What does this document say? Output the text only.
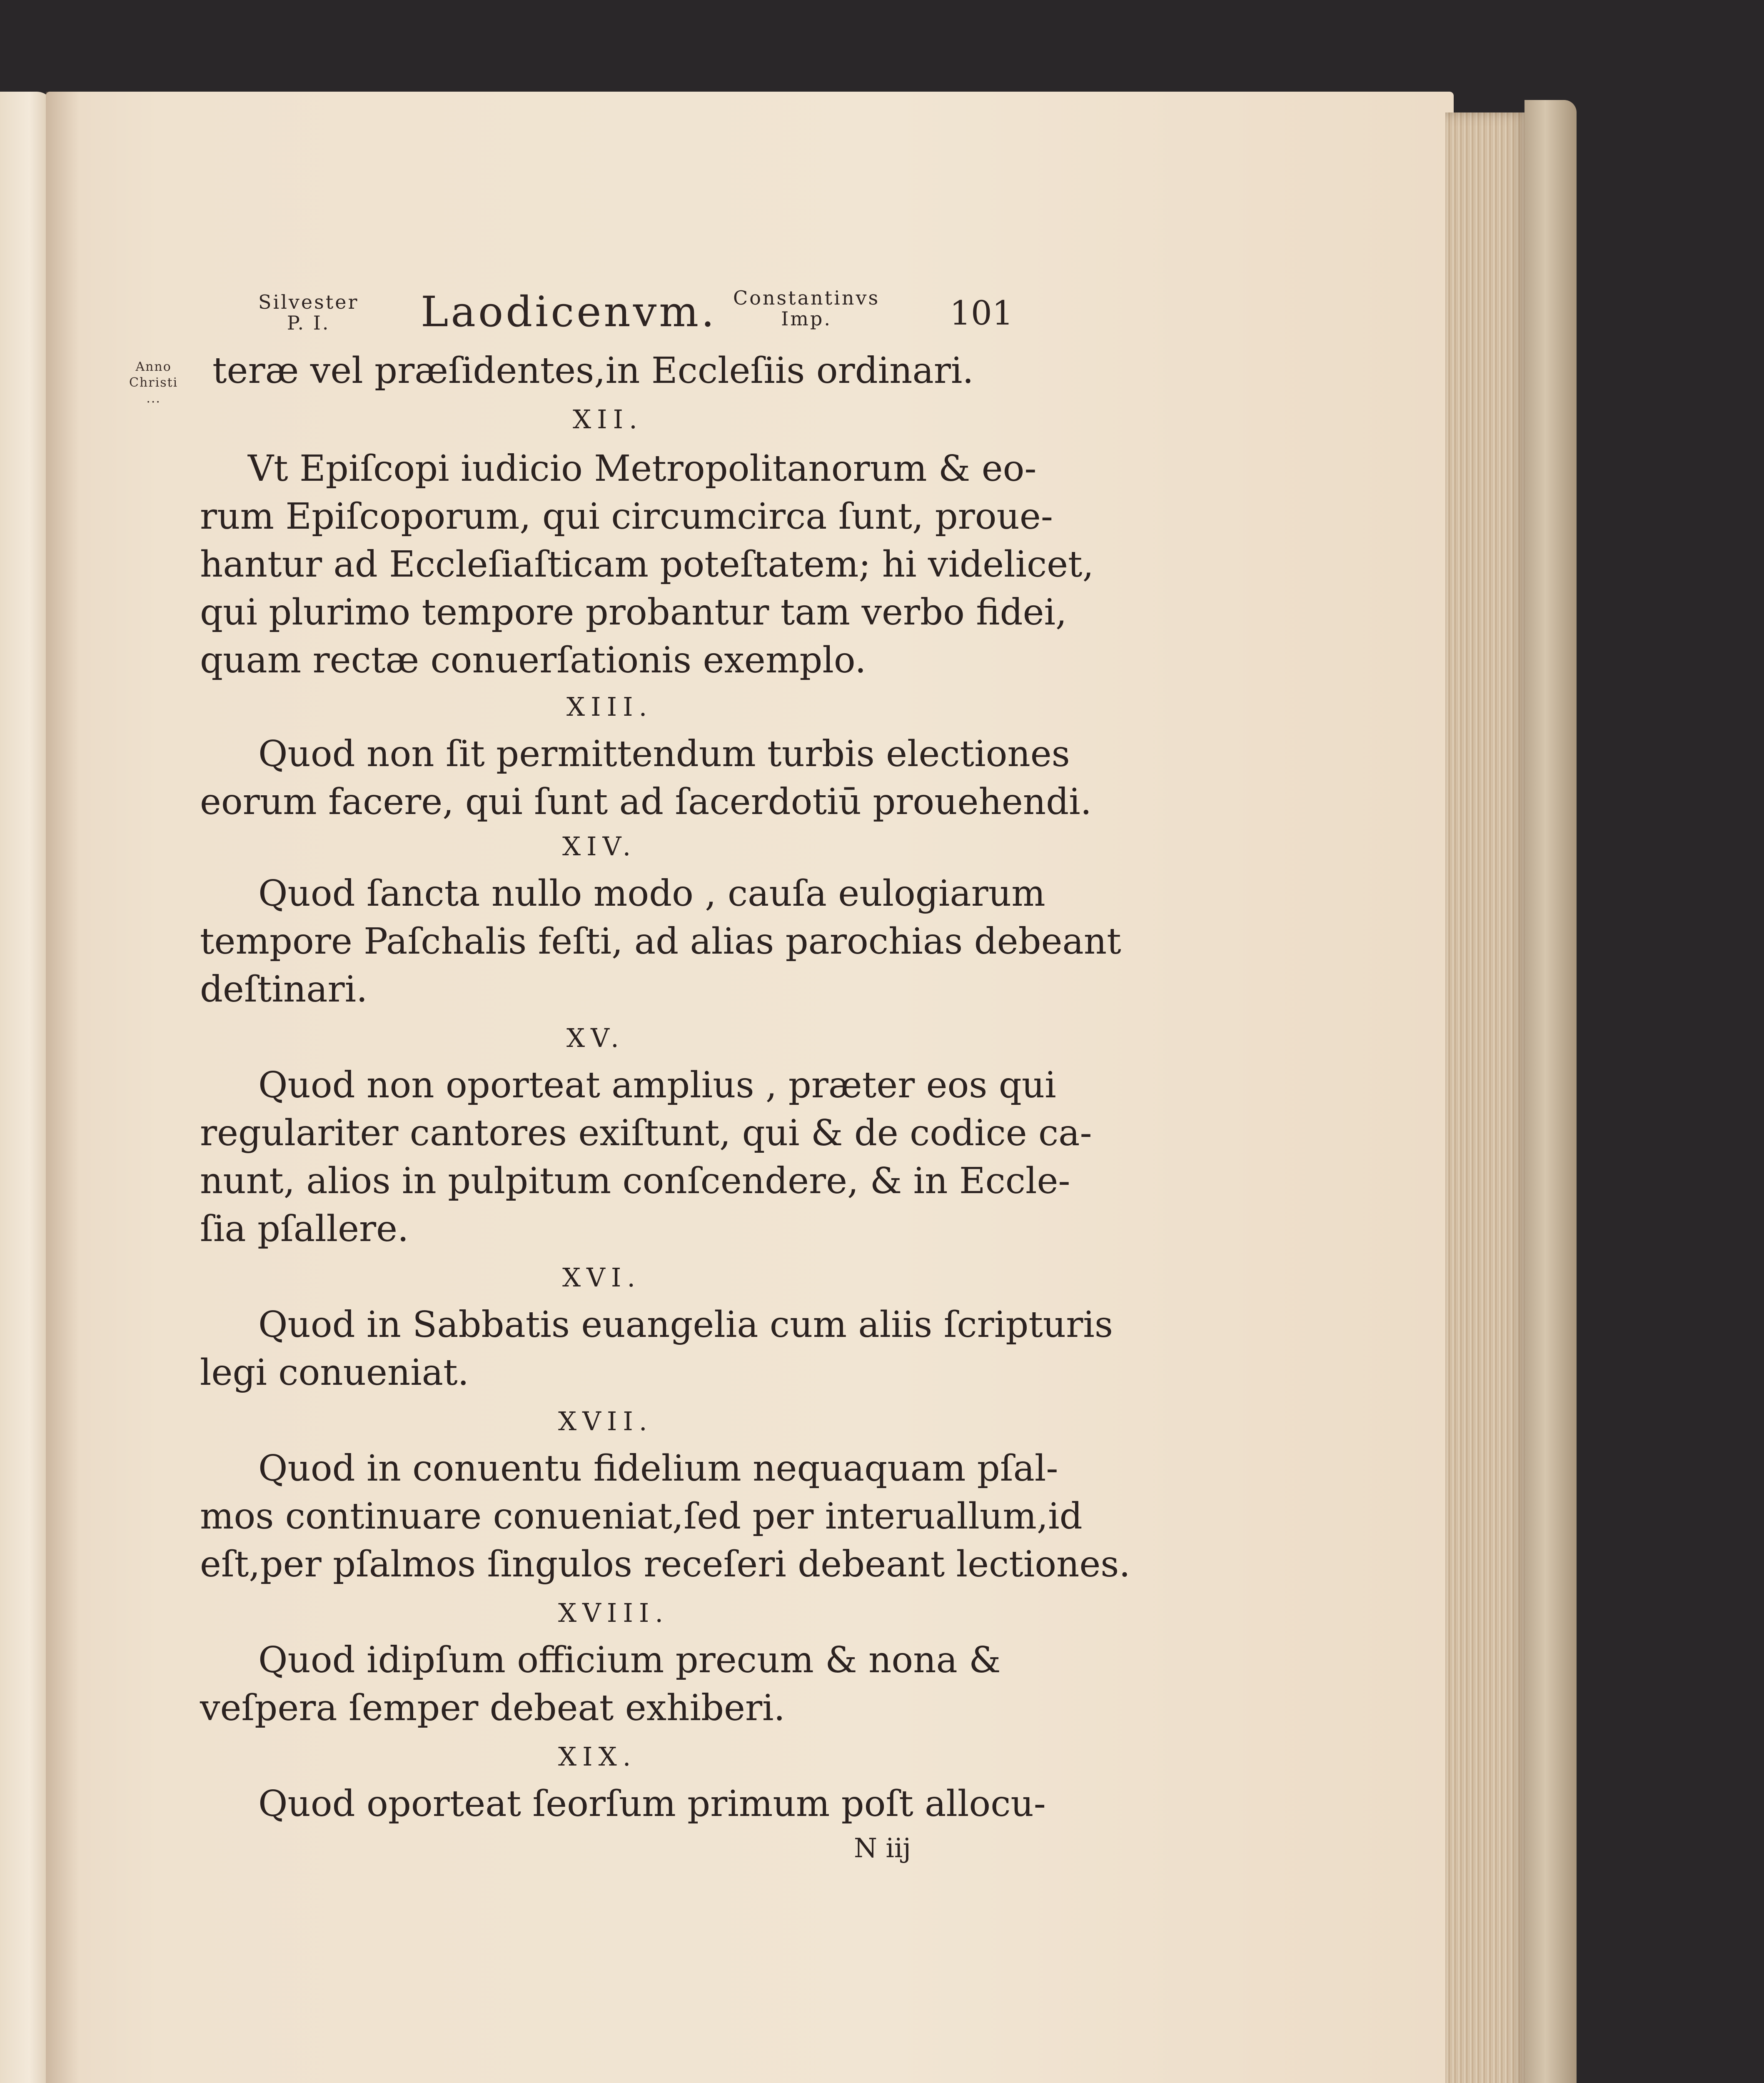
Silvester
P. I.	Laodicenvm. Constantinvs
Imp.	101
Anno
Christi
...
teræ vel præſidentes,in Eccleſiis ordinari.
XII.
Vt Epiſcopi iudicio Metropolitanorum & eo-
rum Epiſcoporum, qui circumcirca ſunt, proue-
hantur ad Eccleſiaſticam poteſtatem; hi videlicet,
qui plurimo tempore probantur tam verbo fidei,
quam rectæ conuerſationis exemplo.
XIII.
Quod non ſit permittendum turbis electiones
eorum facere, qui ſunt ad ſacerdotiū prouehendi.
XIV.
Quod ſancta nullo modo , cauſa eulogiarum
tempore Paſchalis feſti, ad alias parochias debeant
deſtinari.
XV.
Quod non oporteat amplius , præter eos qui
regulariter cantores exiſtunt, qui & de codice ca-
nunt, alios in pulpitum conſcendere, & in Eccle-
ſia pſallere.
XVI.
Quod in Sabbatis euangelia cum aliis ſcripturis
legi conueniat.
XVII.
Quod in conuentu fidelium nequaquam pſal-
mos continuare conueniat,ſed per interuallum,id
eſt,per pſalmos ſingulos receſeri debeant lectiones.
XVIII.
Quod idipſum officium precum & nona &
veſpera ſemper debeat exhiberi.
XIX.
Quod oporteat ſeorſum primum poſt allocu-
N iij
